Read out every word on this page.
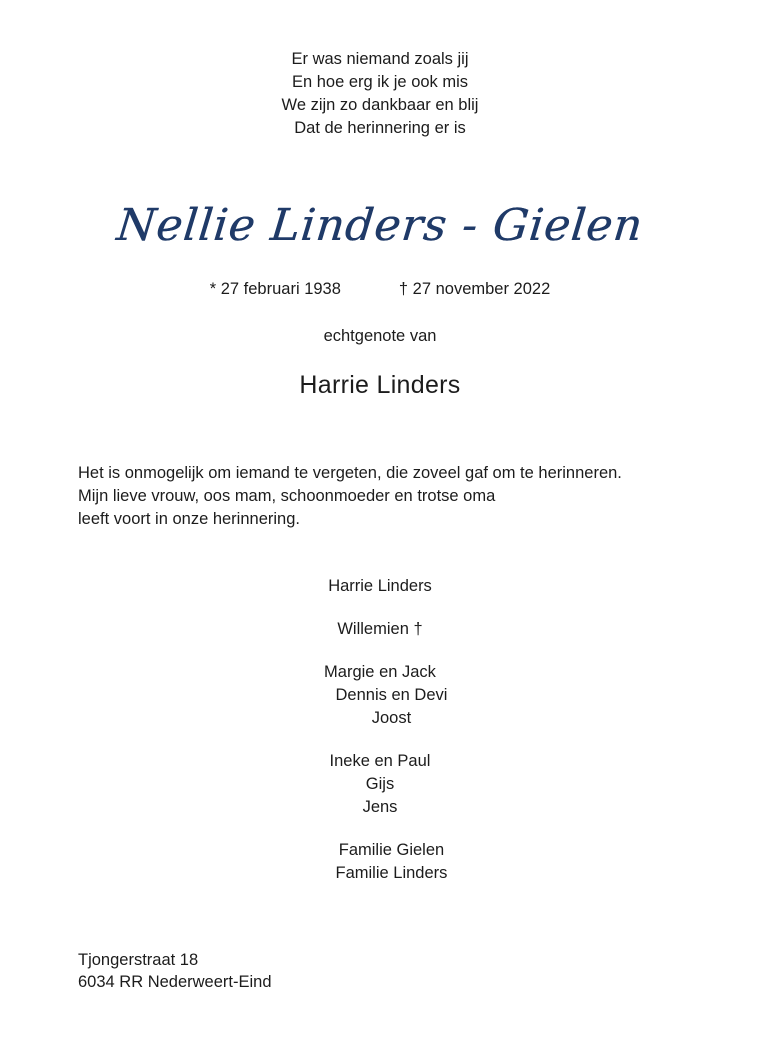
Er was niemand zoals jij
En hoe erg ik je ook mis
We zijn zo dankbaar en blij
Dat de herinnering er is
Nellie Linders - Gielen
* 27 februari 1938	† 27 november 2022
echtgenote van
Harrie Linders
Het is onmogelijk om iemand te vergeten, die zoveel gaf om te herinneren.
Mijn lieve vrouw, oos mam, schoonmoeder en trotse oma
leeft voort in onze herinnering.
Harrie Linders
Willemien †
Margie en Jack
Dennis en Devi
Joost
Ineke en Paul
Gijs
Jens
Familie Gielen
Familie Linders
Tjongerstraat 18
6034 RR Nederweert-Eind
